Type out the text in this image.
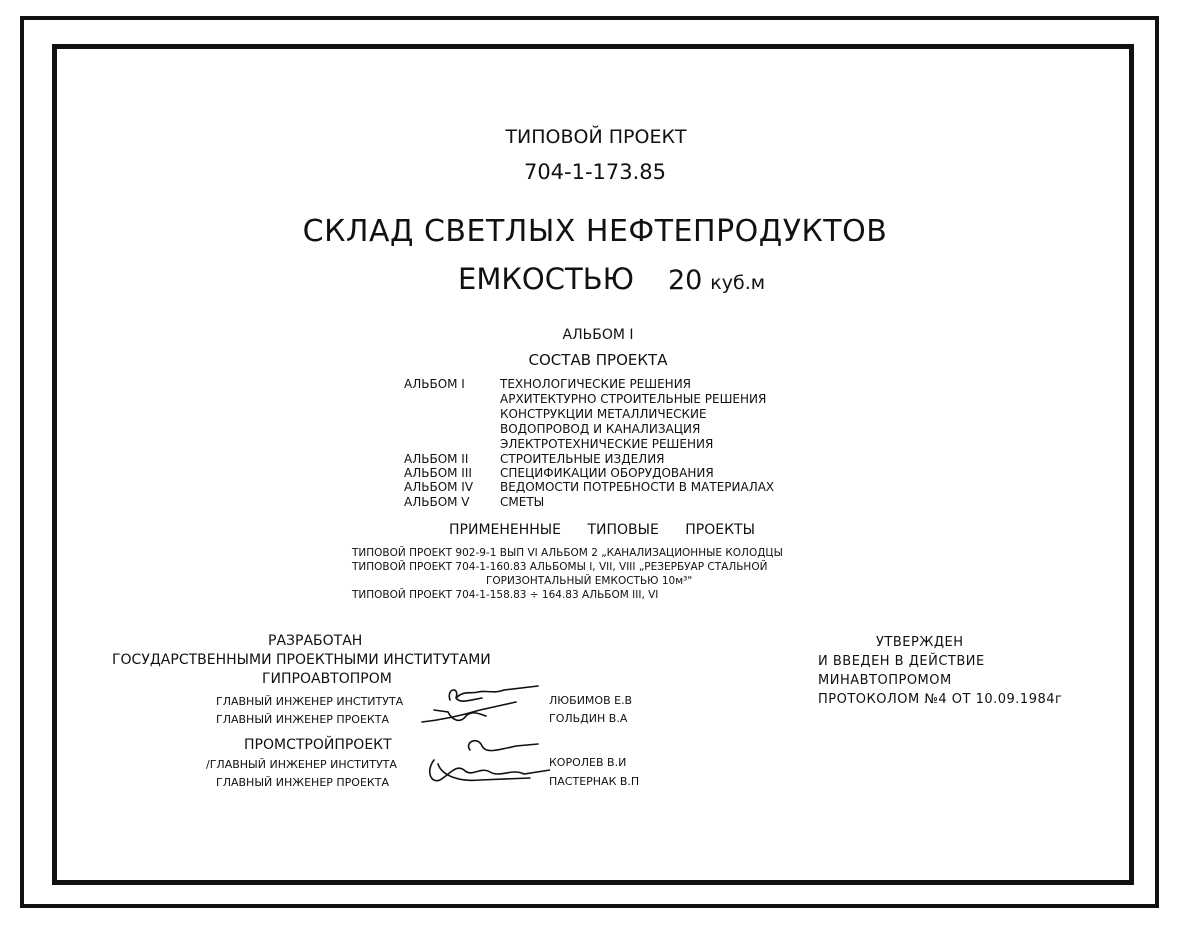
ТИПОВОЙ ПРОЕКТ
704-1-173.85
СКЛАД СВЕТЛЫХ НЕФТЕПРОДУКТОВ
ЕМКОСТЬЮ 20 куб.м
АЛЬБОМ I
СОСТАВ ПРОЕКТА
АЛЬБОМ I	ТЕХНОЛОГИЧЕСКИЕ РЕШЕНИЯ
АРХИТЕКТУРНО СТРОИТЕЛЬНЫЕ РЕШЕНИЯ
КОНСТРУКЦИИ МЕТАЛЛИЧЕСКИЕ
ВОДОПРОВОД И КАНАЛИЗАЦИЯ
ЭЛЕКТРОТЕХНИЧЕСКИЕ РЕШЕНИЯ
АЛЬБОМ II	СТРОИТЕЛЬНЫЕ ИЗДЕЛИЯ
АЛЬБОМ III СПЕЦИФИКАЦИИ ОБОРУДОВАНИЯ
АЛЬБОМ IV ВЕДОМОСТИ ПОТРЕБНОСТИ В МАТЕРИАЛАХ
АЛЬБОМ V	СМЕТЫ
ПРИМЕНЕННЫЕ ТИПОВЫЕ ПРОЕКТЫ
ТИПОВОЙ ПРОЕКТ 902-9-1 ВЫП VI АЛЬБОМ 2 „КАНАЛИЗАЦИОННЫЕ КОЛОДЦЫ
ТИПОВОЙ ПРОЕКТ 704-1-160.83 АЛЬБОМЫ I, VII, VIII „РЕЗЕРБУАР СТАЛЬНОЙ
ГОРИЗОНТАЛЬНЫЙ ЕМКОСТЬЮ 10м³"
ТИПОВОЙ ПРОЕКТ 704-1-158.83 ÷ 164.83 АЛЬБОМ III, VI
РАЗРАБОТАН
ГОСУДАРСТВЕННЫМИ ПРОЕКТНЫМИ ИНСТИТУТАМИ
ГИПРОАВТОПРОМ
ГЛАВНЫЙ ИНЖЕНЕР ИНСТИТУТА	ЛЮБИМОВ Е.В
ГЛАВНЫЙ ИНЖЕНЕР ПРОЕКТА	ГОЛЬДИН В.А
ПРОМСТРОЙПРОЕКТ
/ГЛАВНЫЙ ИНЖЕНЕР ИНСТИТУТА	КОРОЛЕВ В.И
ГЛАВНЫЙ ИНЖЕНЕР ПРОЕКТА	ПАСТЕРНАК В.П
УТВЕРЖДЕН
И ВВЕДЕН В ДЕЙСТВИЕ
МИНАВТОПРОМОМ
ПРОТОКОЛОМ №4 ОТ 10.09.1984г
